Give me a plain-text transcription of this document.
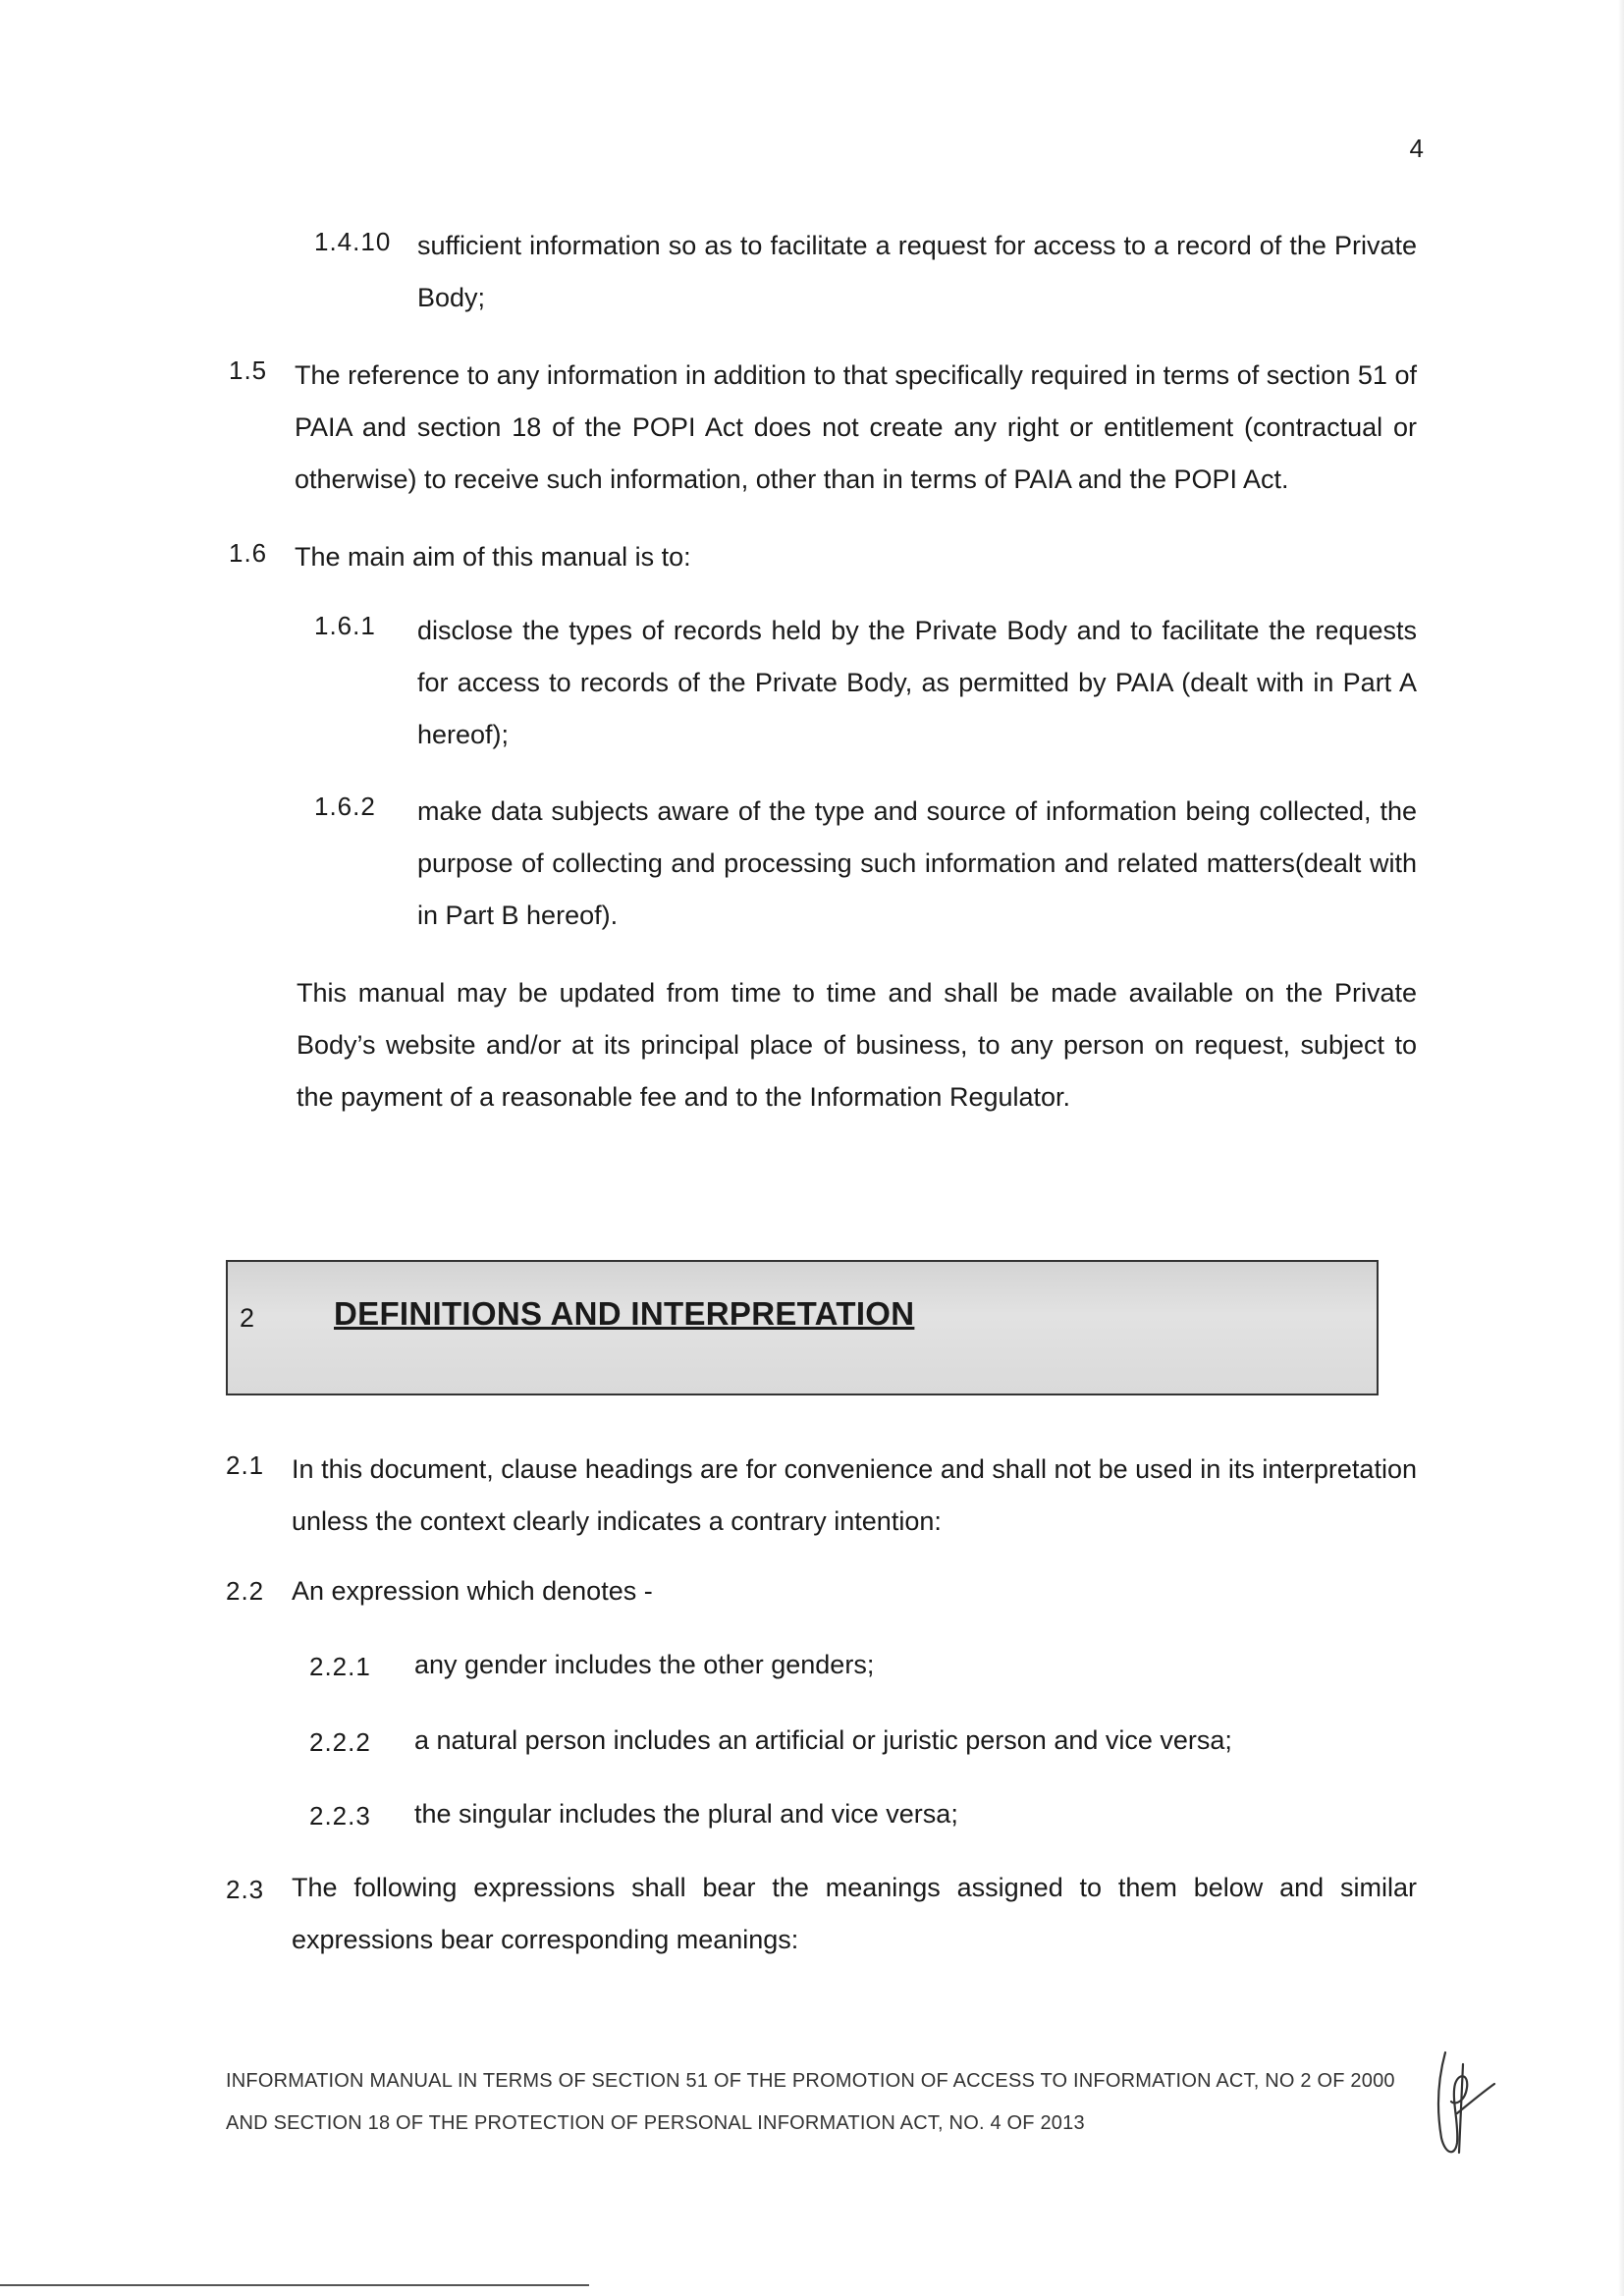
4
1.4.10 sufficient information so as to facilitate a request for access to a record of the Private Body;
1.5 The reference to any information in addition to that specifically required in terms of section 51 of PAIA and section 18 of the POPI Act does not create any right or entitlement (contractual or otherwise) to receive such information, other than in terms of PAIA and the POPI Act.
1.6 The main aim of this manual is to:
1.6.1 disclose the types of records held by the Private Body and to facilitate the requests for access to records of the Private Body, as permitted by PAIA (dealt with in Part A hereof);
1.6.2 make data subjects aware of the type and source of information being collected, the purpose of collecting and processing such information and related matters(dealt with in Part B hereof).
This manual may be updated from time to time and shall be made available on the Private Body’s website and/or at its principal place of business, to any person on request, subject to the payment of a reasonable fee and to the Information Regulator.
2 DEFINITIONS AND INTERPRETATION
2.1 In this document, clause headings are for convenience and shall not be used in its interpretation unless the context clearly indicates a contrary intention:
2.2 An expression which denotes -
2.2.1 any gender includes the other genders;
2.2.2 a natural person includes an artificial or juristic person and vice versa;
2.2.3 the singular includes the plural and vice versa;
2.3 The following expressions shall bear the meanings assigned to them below and similar expressions bear corresponding meanings:
INFORMATION MANUAL IN TERMS OF SECTION 51 OF THE PROMOTION OF ACCESS TO INFORMATION ACT, NO 2 OF 2000
AND SECTION 18 OF THE PROTECTION OF PERSONAL INFORMATION ACT, NO. 4 OF 2013
